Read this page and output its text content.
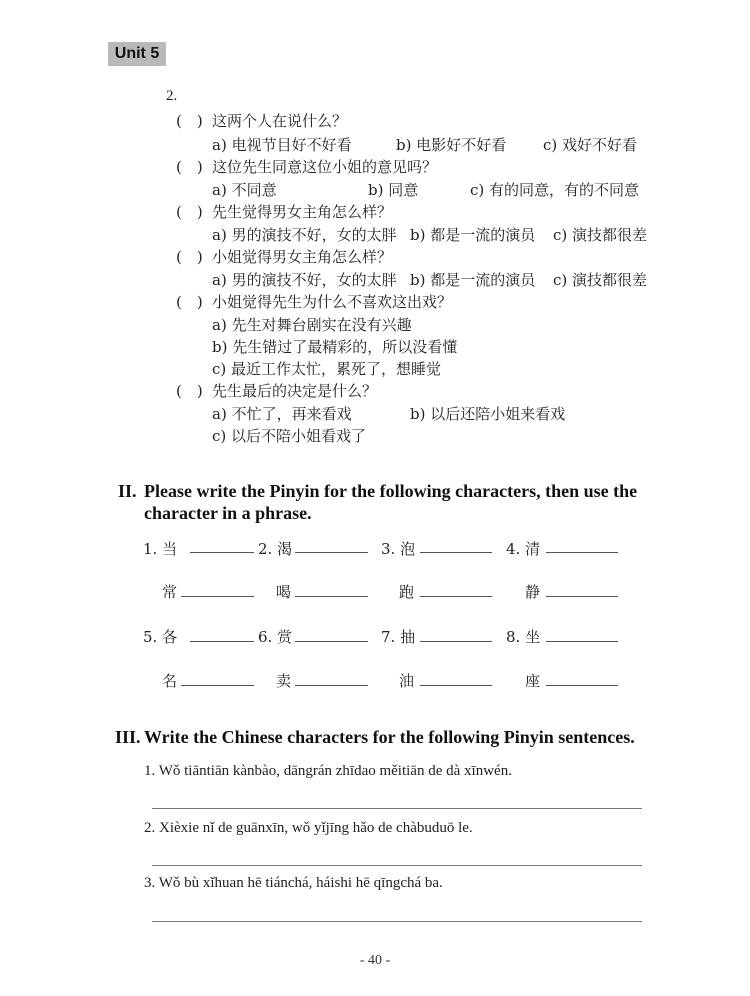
Unit 5
2.
(　) 这两个人在说什么？
a) 电视节目好不好看	b) 电影好不好看 c) 戏好不好看
(　) 这位先生同意这位小姐的意见吗？
a) 不同意	b) 同意	c) 有的同意，有的不同意
(　) 先生觉得男女主角怎么样？
a) 男的演技不好，女的太胖 b) 都是一流的演员 c) 演技都很差
(　) 小姐觉得男女主角怎么样？
a) 男的演技不好，女的太胖 b) 都是一流的演员 c) 演技都很差
(　) 小姐觉得先生为什么不喜欢这出戏？
a) 先生对舞台剧实在没有兴趣
b) 先生错过了最精彩的，所以没看懂
c) 最近工作太忙，累死了，想睡觉
(　) 先生最后的决定是什么？
a) 不忙了，再来看戏	b) 以后还陪小姐来看戏
c) 以后不陪小姐看戏了
II. Please write the Pinyin for the following characters, then use the
character in a phrase.
1. 当	2. 渴	3. 泡	4. 清
常	喝	跑	静
5. 各	6. 赏	7. 抽	8. 坐
名	卖	油	座
III. Write the Chinese characters for the following Pinyin sentences.
1. Wǒ tiāntiān kànbào, dāngrán zhīdao měitiān de dà xīnwén.
2. Xièxie nǐ de guānxīn, wǒ yǐjīng hǎo de chàbuduō le.
3. Wǒ bù xǐhuan hē tiánchá, háishi hē qīngchá ba.
- 40 -
